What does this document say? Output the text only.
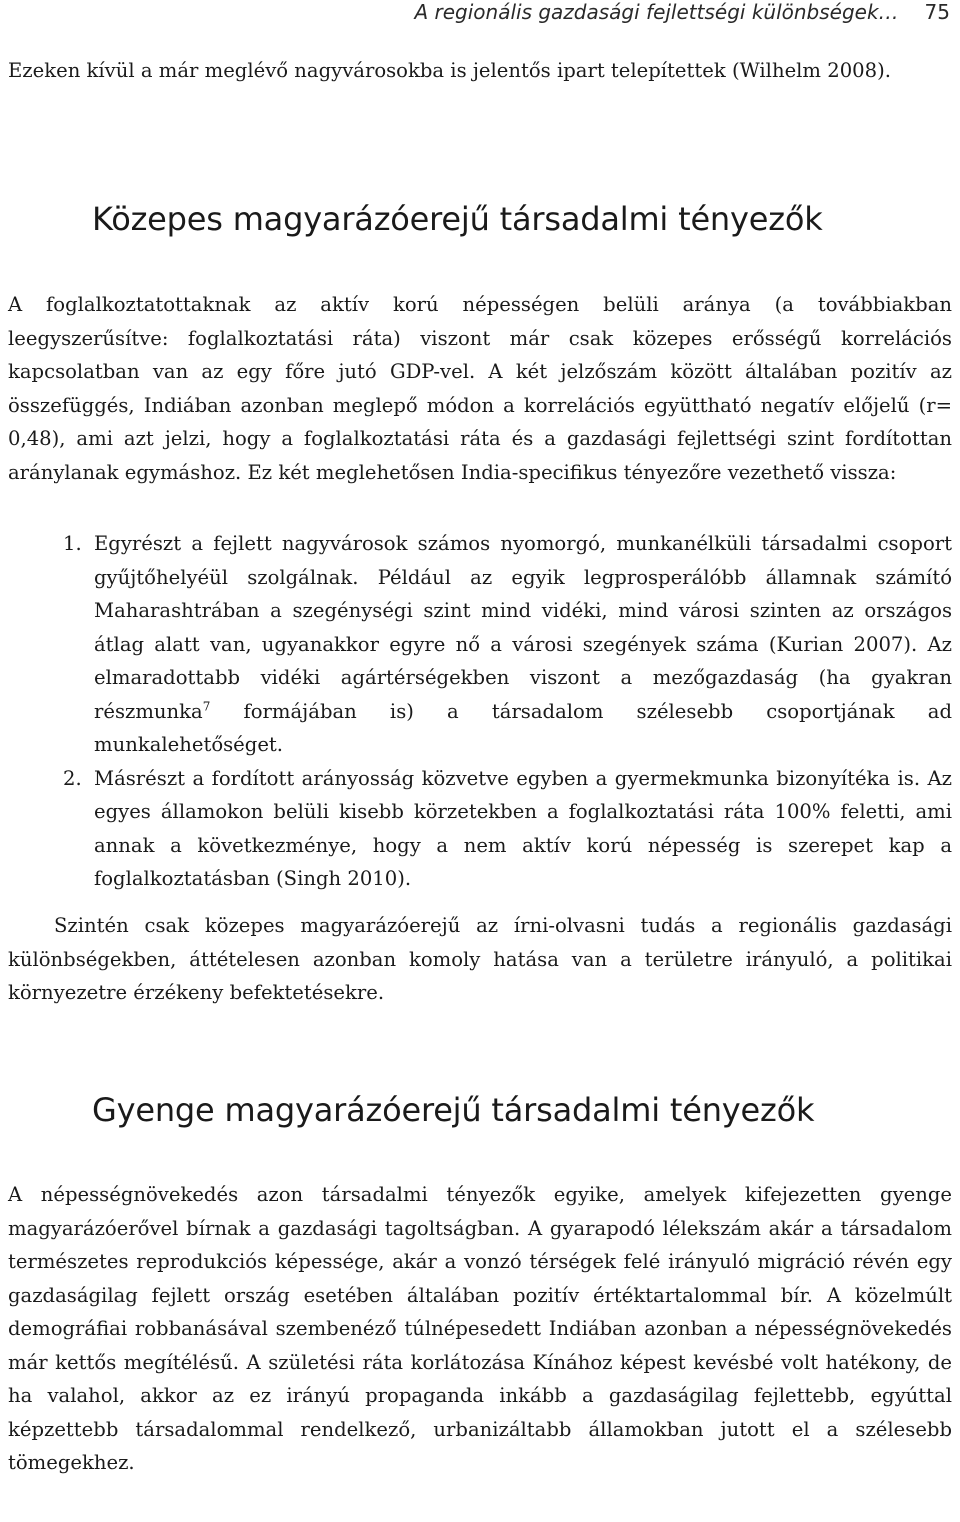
A regionális gazdasági fejlettségi különbségek… 75

Ezeken kívül a már meglévő nagyvárosokba is jelentős ipart telepítettek (Wilhelm 2008).

Közepes magyarázóerejű társadalmi tényezők

A foglalkoztatottaknak az aktív korú népességen belüli aránya (a továbbiakban leegyszerűsítve: foglalkoztatási ráta) viszont már csak közepes erősségű korrelációs kapcsolatban van az egy főre jutó GDP-vel. A két jelzőszám között általában pozitív az összefüggés, Indiában azonban meglepő módon a korrelációs együttható negatív előjelű (r= 0,48), ami azt jelzi, hogy a foglalkoztatási ráta és a gazdasági fejlettségi szint fordítottan aránylanak egymáshoz. Ez két meglehetősen India-specifikus tényezőre vezethető vissza:

1. Egyrészt a fejlett nagyvárosok számos nyomorgó, munkanélküli társadalmi csoport gyűjtőhelyéül szolgálnak. Például az egyik legprosperálóbb államnak számító Maharashtrában a szegénységi szint mind vidéki, mind városi szinten az országos átlag alatt van, ugyanakkor egyre nő a városi szegények száma (Kurian 2007). Az elmaradottabb vidéki agártérségekben viszont a mezőgazdaság (ha gyakran részmunka$^7$ formájában is) a társadalom szélesebb csoportjának ad munkalehetőséget.
2. Másrészt a fordított arányosság közvetve egyben a gyermekmunka bizonyítéka is. Az egyes államokon belüli kisebb körzetekben a foglalkoztatási ráta 100% feletti, ami annak a következménye, hogy a nem aktív korú népesség is szerepet kap a foglalkoztatásban (Singh 2010).

Szintén csak közepes magyarázóerejű az írni-olvasni tudás a regionális gazdasági különbségekben, áttételesen azonban komoly hatása van a területre irányuló, a politikai környezetre érzékeny befektetésekre.

Gyenge magyarázóerejű társadalmi tényezők

A népességnövekedés azon társadalmi tényezők egyike, amelyek kifejezetten gyenge magyarázóerővel bírnak a gazdasági tagoltságban. A gyarapodó lélekszám akár a társadalom természetes reprodukciós képessége, akár a vonzó térségek felé irányuló migráció révén egy gazdaságilag fejlett ország esetében általában pozitív értéktartalommal bír. A közelmúlt demográfiai robbanásával szembenéző túlnépesedett Indiában azonban a népességnövekedés már kettős megítélésű. A születési ráta korlátozása Kínához képest kevésbé volt hatékony, de ha valahol, akkor az ez irányú propaganda inkább a gazdaságilag fejlettebb, egyúttal képzettebb társadalommal rendelkező, urbanizáltabb államokban jutott el a szélesebb tömegekhez.
